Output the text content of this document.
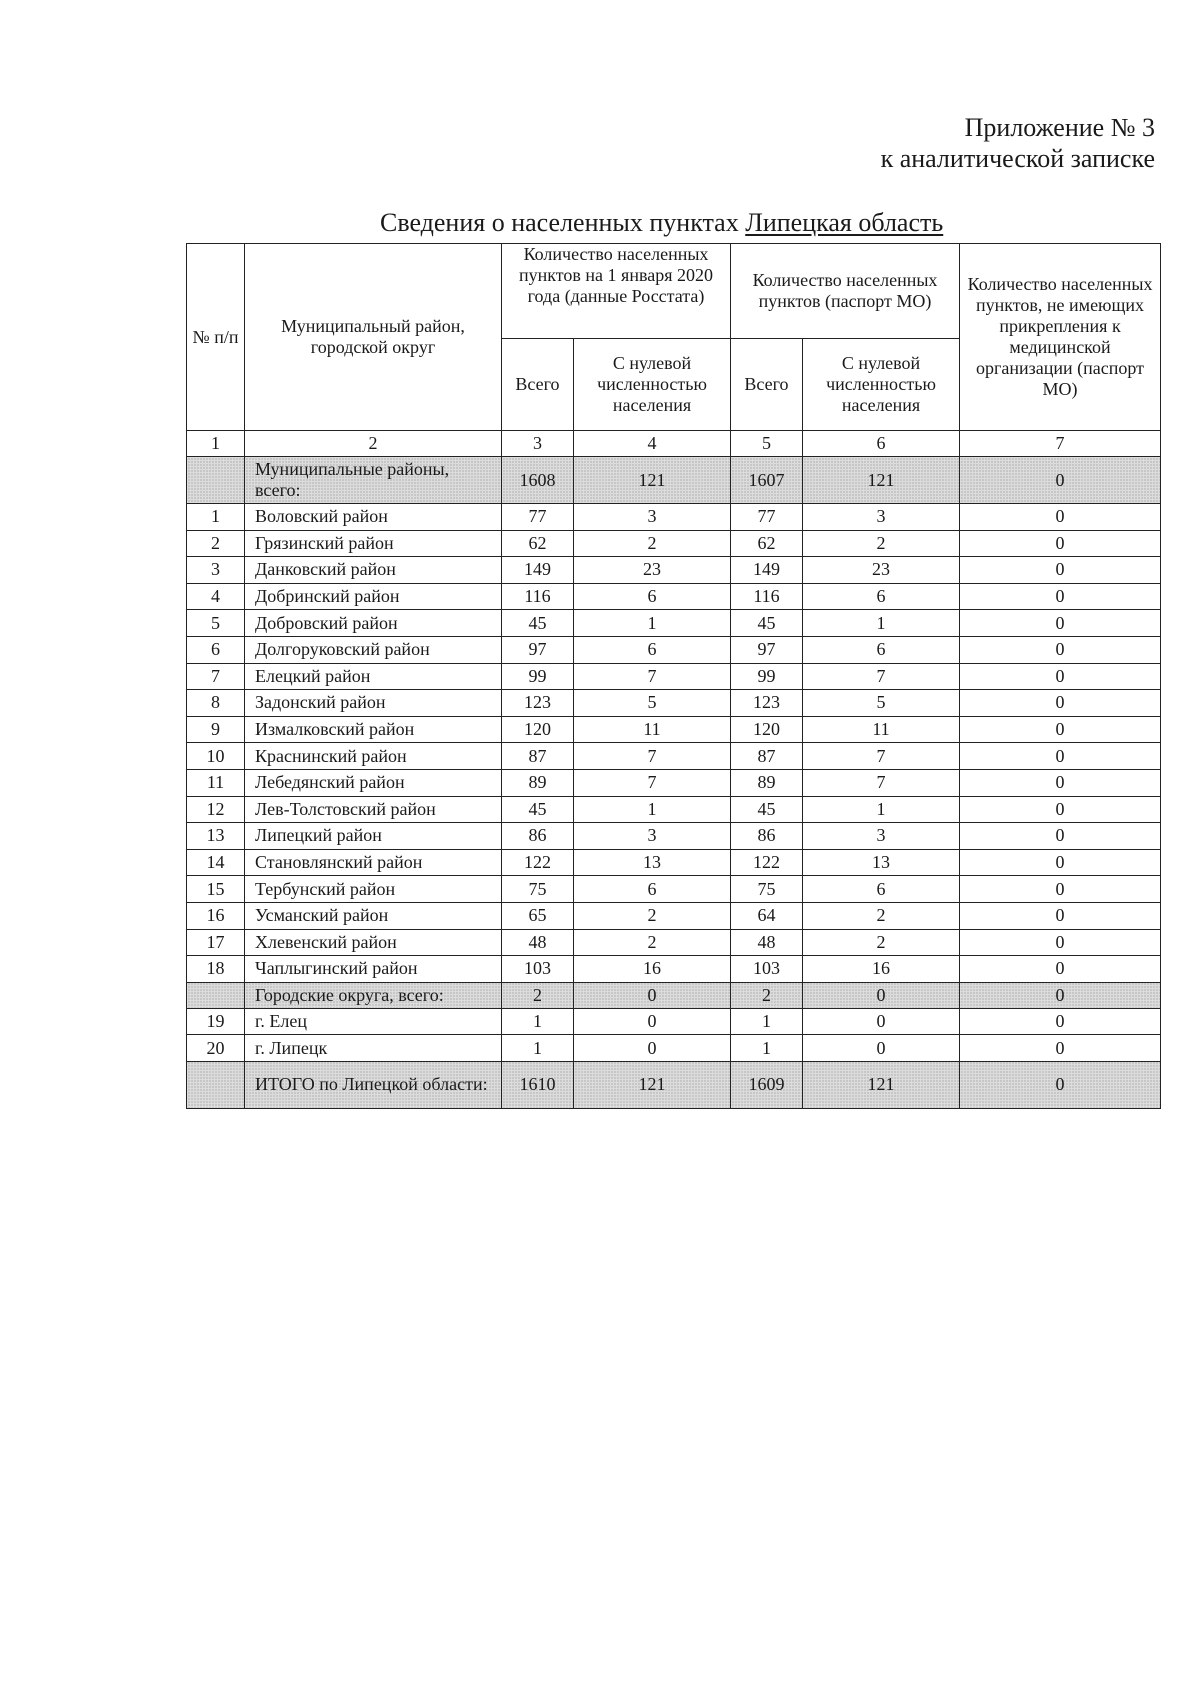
Приложение № 3
к аналитической записке
Сведения о населенных пунктах Липецкая область
№ п/п	Муниципальный район, городской округ	Количество населенных пунктов на 1 января 2020 года (данные Росстата)		Количество населенных пунктов (паспорт МО)		Количество населенных пунктов, не имеющих прикрепления к медицинской организации (паспорт МО)
		Всего	С нулевой численностью населения	Всего	С нулевой численностью населения	
1	2	3	4	5	6	7
	Муниципальные районы, всего:	1608	121	1607	121	0
1	Воловский район	77	3	77	3	0
2	Грязинский район	62	2	62	2	0
3	Данковский район	149	23	149	23	0
4	Добринский район	116	6	116	6	0
5	Добровский район	45	1	45	1	0
6	Долгоруковский район	97	6	97	6	0
7	Елецкий район	99	7	99	7	0
8	Задонский район	123	5	123	5	0
9	Измалковский район	120	11	120	11	0
10	Краснинский район	87	7	87	7	0
11	Лебедянский район	89	7	89	7	0
12	Лев-Толстовский район	45	1	45	1	0
13	Липецкий район	86	3	86	3	0
14	Становлянский район	122	13	122	13	0
15	Тербунский район	75	6	75	6	0
16	Усманский район	65	2	64	2	0
17	Хлевенский район	48	2	48	2	0
18	Чаплыгинский район	103	16	103	16	0
	Городские округа, всего:	2	0	2	0	0
19	г. Елец	1	0	1	0	0
20	г. Липецк	1	0	1	0	0
	ИТОГО по Липецкой области:	1610	121	1609	121	0
